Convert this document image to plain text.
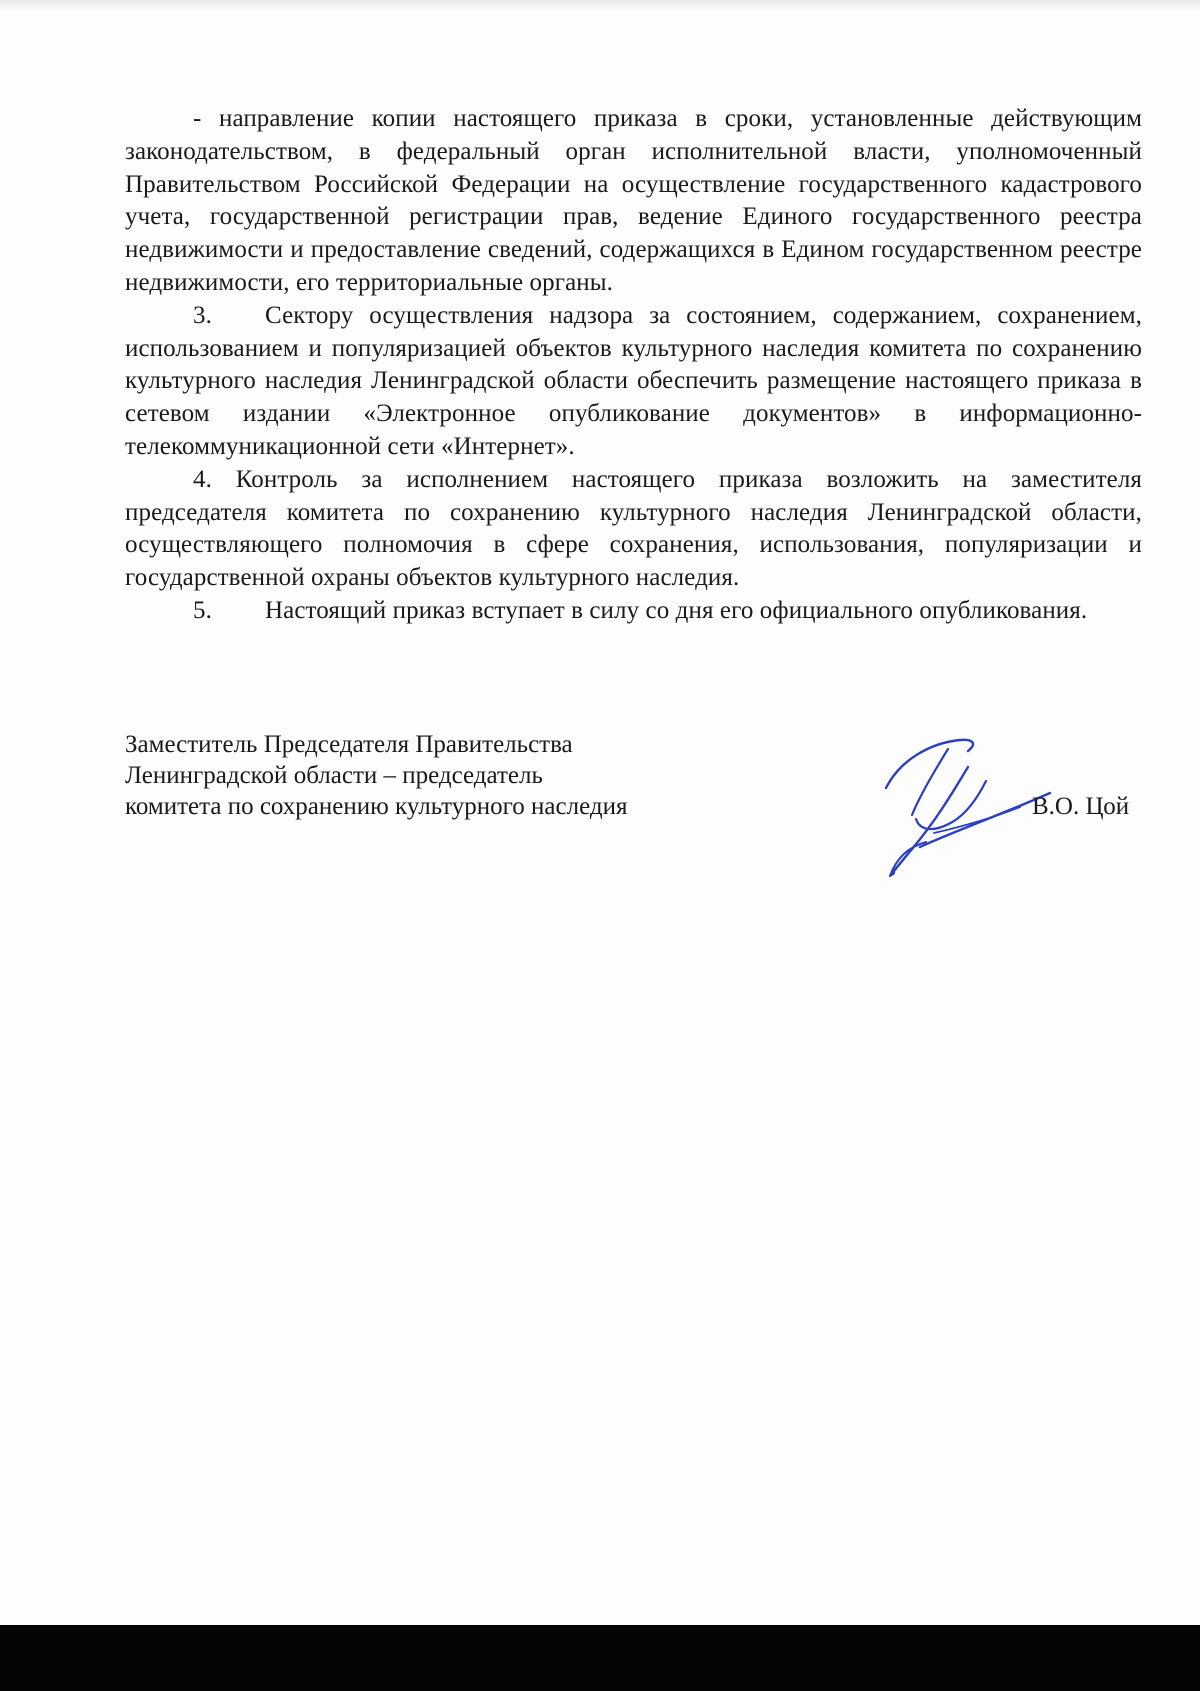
- направление копии настоящего приказа в сроки, установленные действующим законодательством, в федеральный орган исполнительной власти, уполномоченный Правительством Российской Федерации на осуществление государственного кадастрового учета, государственной регистрации прав, ведение Единого государственного реестра недвижимости и предоставление сведений, содержащихся в Едином государственном реестре недвижимости, его территориальные органы.

3. Сектору осуществления надзора за состоянием, содержанием, сохранением, использованием и популяризацией объектов культурного наследия комитета по сохранению культурного наследия Ленинградской области обеспечить размещение настоящего приказа в сетевом издании «Электронное опубликование документов» в информационно-телекоммуникационной сети «Интернет».

4. Контроль за исполнением настоящего приказа возложить на заместителя председателя комитета по сохранению культурного наследия Ленинградской области, осуществляющего полномочия в сфере сохранения, использования, популяризации и государственной охраны объектов культурного наследия.

5. Настоящий приказ вступает в силу со дня его официального опубликования.

Заместитель Председателя Правительства
Ленинградской области – председатель
комитета по сохранению культурного наследия	В.О. Цой
